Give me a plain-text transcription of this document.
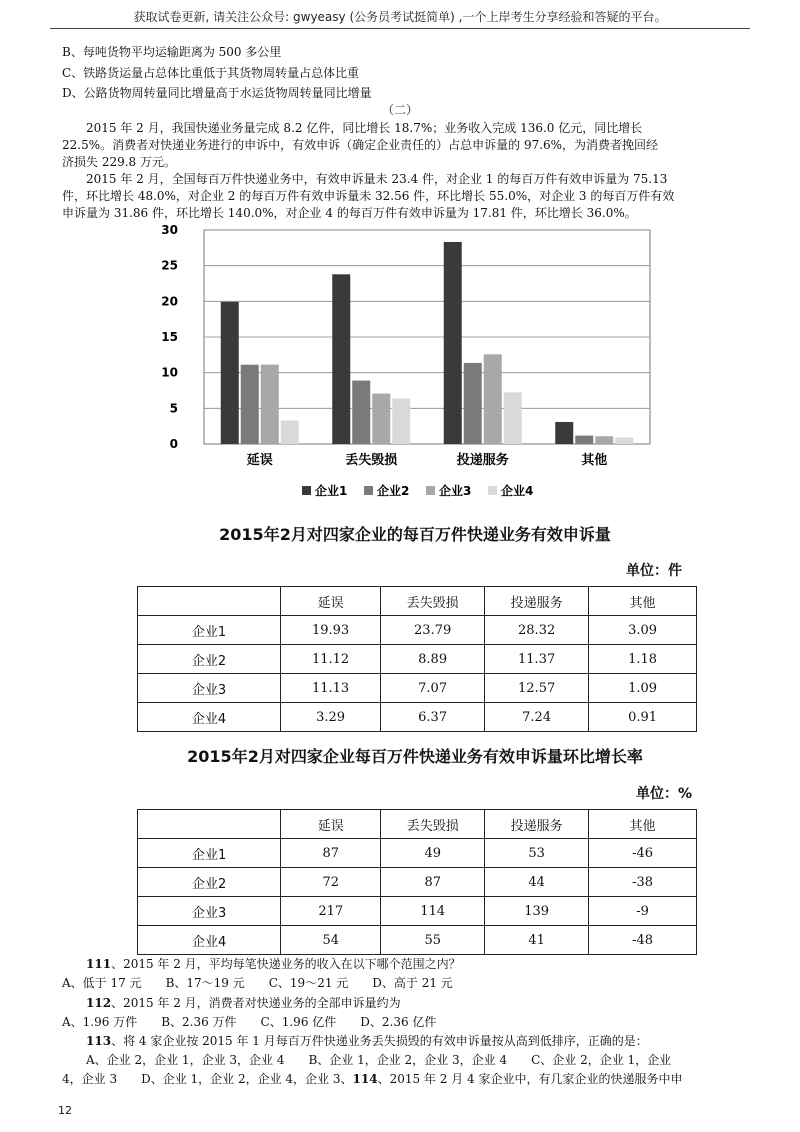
获取试卷更新, 请关注公众号: gwyeasy (公务员考试挺简单) ,一个上岸考生分享经验和答疑的平台。
B、每吨货物平均运输距离为 500 多公里
C、铁路货运量占总体比重低于其货物周转量占总体比重
D、公路货物周转量同比增量高于水运货物周转量同比增量
（二）
2015 年 2 月，我国快递业务量完成 8.2 亿件，同比增长 18.7%；业务收入完成 136.0 亿元，同比增长
22.5%。消费者对快递业务进行的申诉中，有效申诉（确定企业责任的）占总申诉量的 97.6%，为消费者挽回经
济损失 229.8 万元。
2015 年 2 月，全国每百万件快递业务中，有效申诉量未 23.4 件，对企业 1 的每百万件有效申诉量为 75.13
件，环比增长 48.0%，对企业 2 的每百万件有效申诉量未 32.56 件，环比增长 55.0%，对企业 3 的每百万件有效
申诉量为 31.86 件，环比增长 140.0%，对企业 4 的每百万件有效申诉量为 17.81 件，环比增长 36.0%。
0
5
10
15
20
25
30
延误	丢失毁损	投递服务	其他
企业1 企业2 企业3 企业4
2015年2月对四家企业的每百万件快递业务有效申诉量
单位：件
	延误	丢失毁损	投递服务	其他
企业1	19.93	23.79	28.32	3.09
企业2	11.12	8.89	11.37	1.18
企业3	11.13	7.07	12.57	1.09
企业4	3.29	6.37	7.24	0.91
2015年2月对四家企业每百万件快递业务有效申诉量环比增长率
单位：%
	延误	丢失毁损	投递服务	其他
企业1	87	49	53	-46
企业2	72	87	44	-38
企业3	217	114	139	-9
企业4	54	55	41	-48
111、2015 年 2 月，平均每笔快递业务的收入在以下哪个范围之内？
A、低于 17 元　　B、17～19 元　　C、19～21 元　　D、高于 21 元
112、2015 年 2 月，消费者对快递业务的全部申诉量约为
A、1.96 万件　　B、2.36 万件　　C、1.96 亿件　　D、2.36 亿件
113、将 4 家企业按 2015 年 1 月每百万件快递业务丢失损毁的有效申诉量按从高到低排序，正确的是：
A、企业 2，企业 1，企业 3，企业 4　　B、企业 1，企业 2，企业 3，企业 4　　C、企业 2，企业 1，企业
4，企业 3　　D、企业 1，企业 2，企业 4，企业 3、114、2015 年 2 月 4 家企业中，有几家企业的快递服务中申
12
